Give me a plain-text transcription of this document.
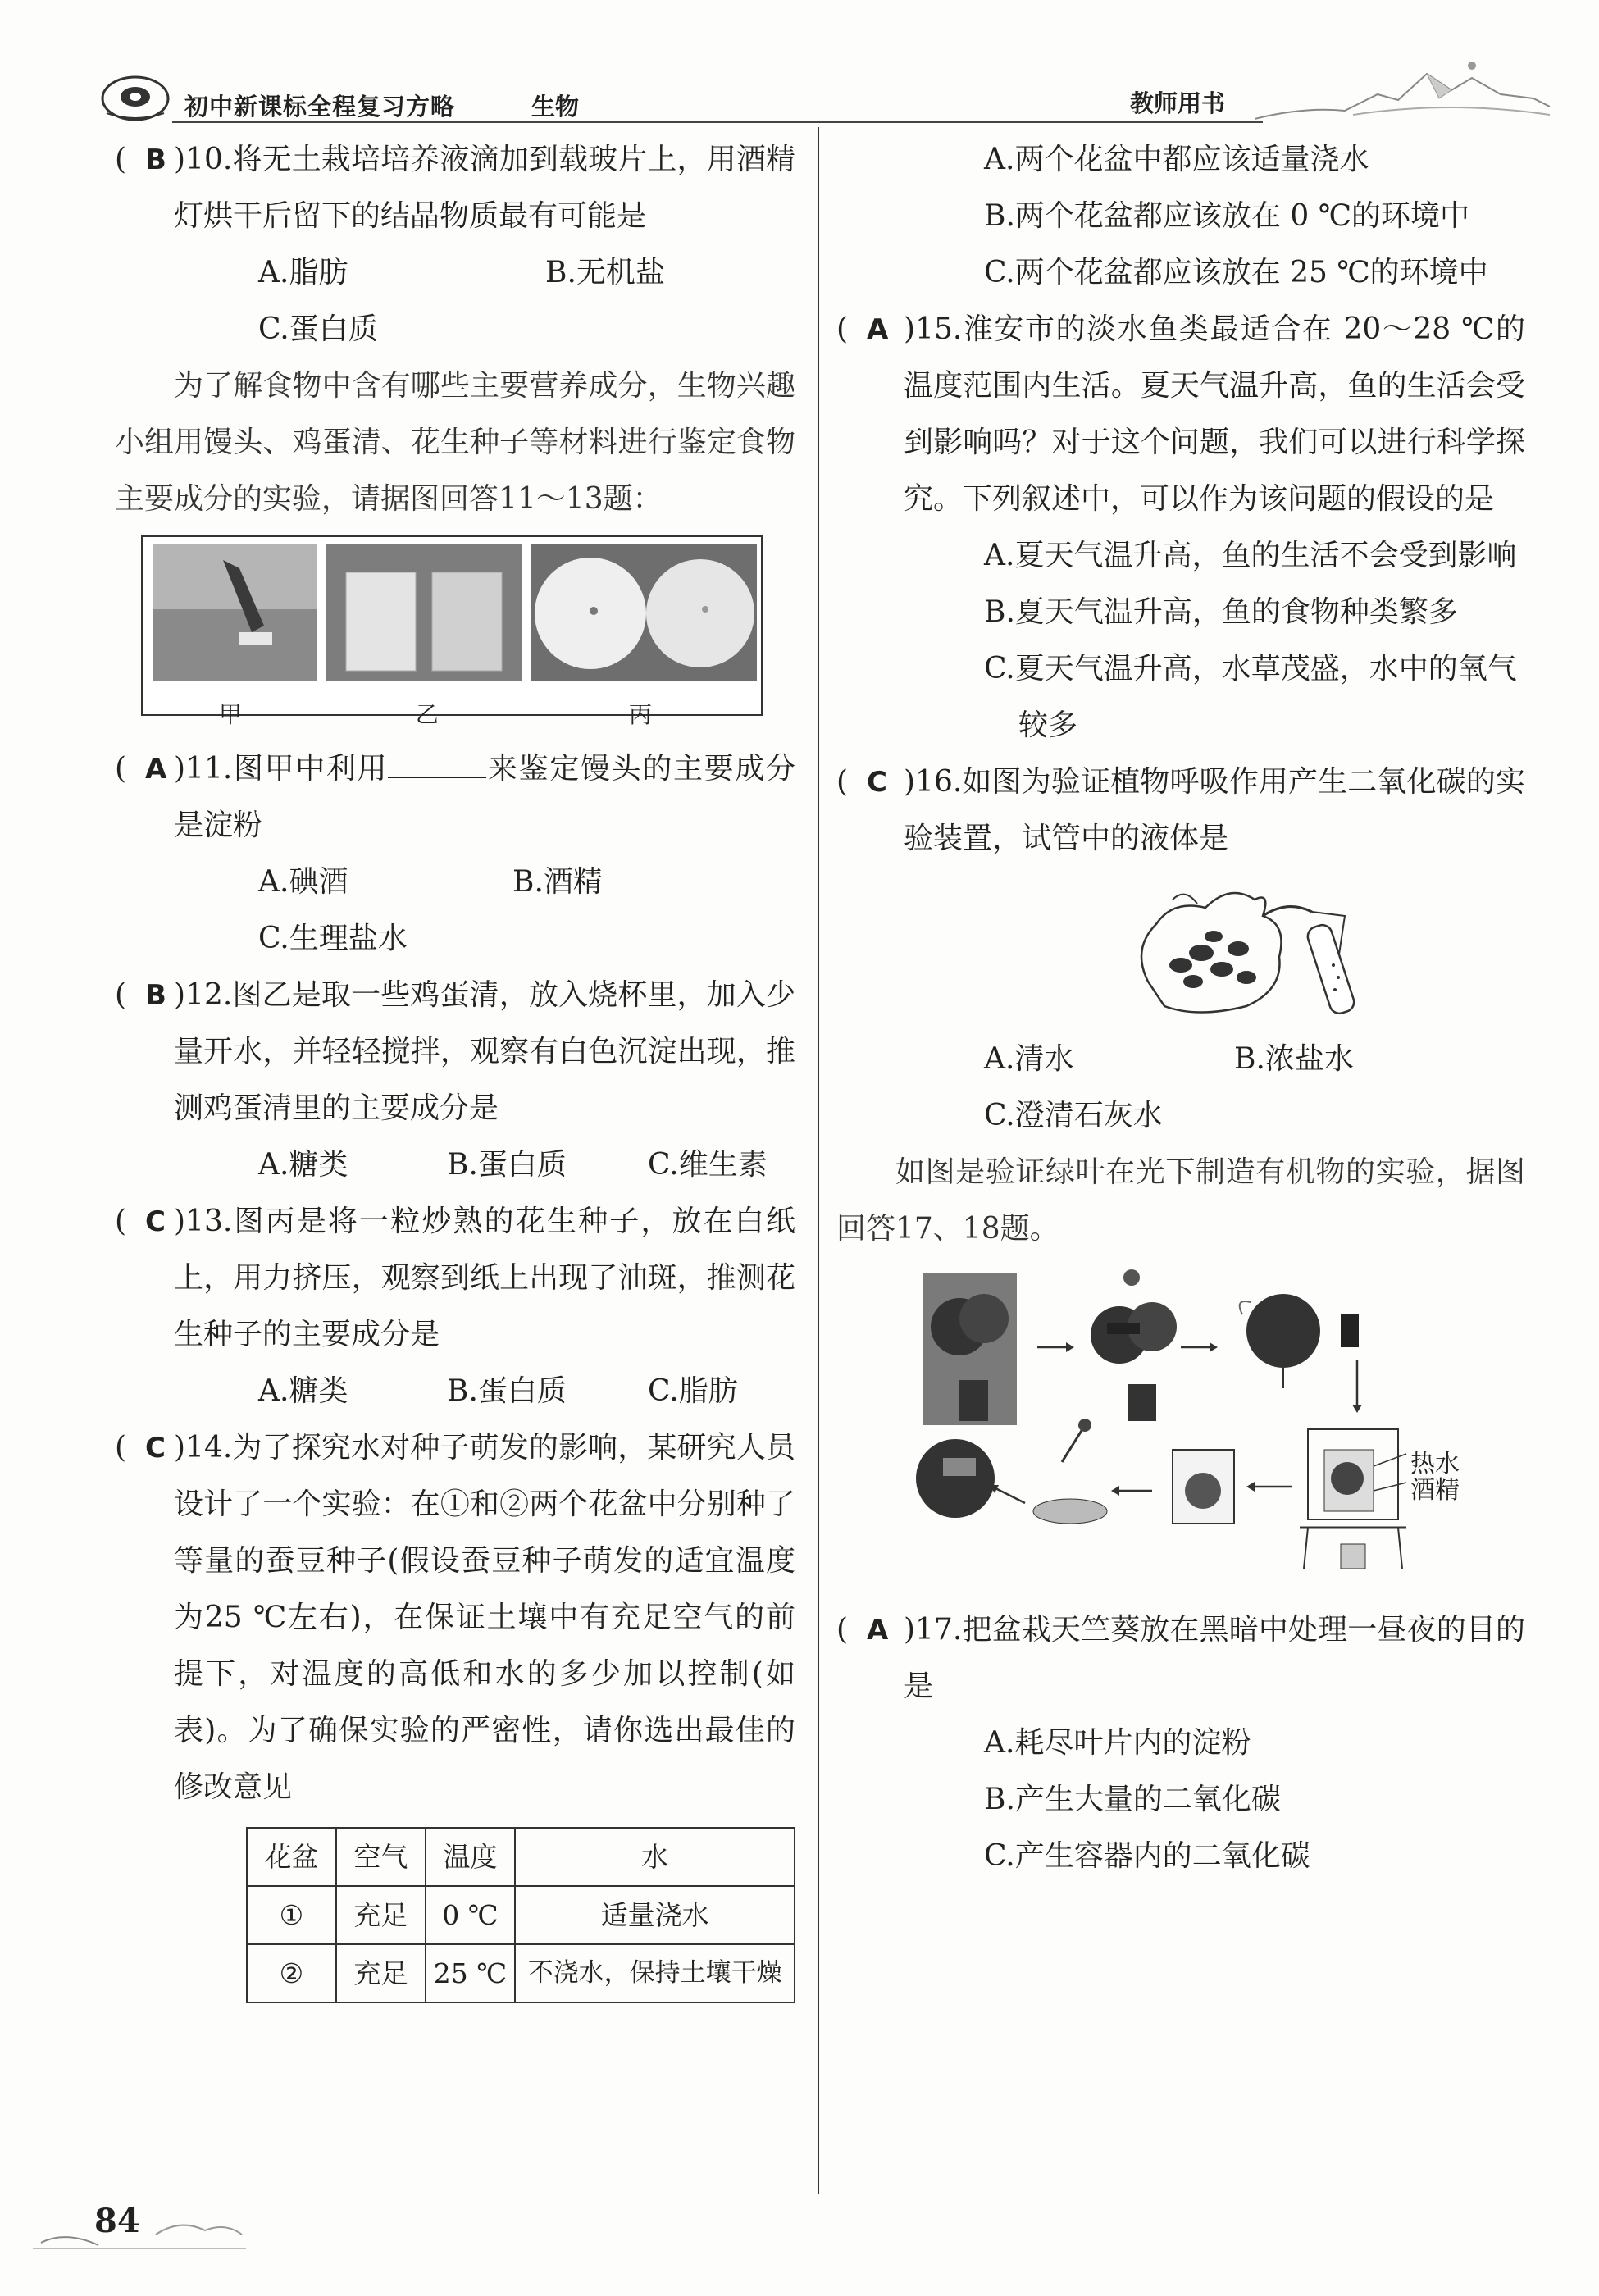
初中新课标全程复习方略	生物	教师用书
(  B )10.将无土栽培培养液滴加到载玻片上，用酒精灯烘干后留下的结晶物质最有可能是
A.脂肪	B.无机盐
C.蛋白质
为了解食物中含有哪些主要营养成分，生物兴趣小组用馒头、鸡蛋清、花生种子等材料进行鉴定食物主要成分的实验，请据图回答11～13题：
甲	乙	丙
(  A )11.图甲中利用	来鉴定馒头的主要成分是淀粉
A.碘酒	B.酒精
C.生理盐水
(  B )12.图乙是取一些鸡蛋清，放入烧杯里，加入少量开水，并轻轻搅拌，观察有白色沉淀出现，推测鸡蛋清里的主要成分是
A.糖类	B.蛋白质	C.维生素
(  C )13.图丙是将一粒炒熟的花生种子，放在白纸上，用力挤压，观察到纸上出现了油斑，推测花生种子的主要成分是
A.糖类	B.蛋白质	C.脂肪
(  C )14.为了探究水对种子萌发的影响，某研究人员设计了一个实验：在①和②两个花盆中分别种了等量的蚕豆种子(假设蚕豆种子萌发的适宜温度为25 ℃左右)，在保证土壤中有充足空气的前提下，对温度的高低和水的多少加以控制(如表)。为了确保实验的严密性，请你选出最佳的修改意见
花盆	空气	温度	水
①	充足	0 ℃	适量浇水
②	充足	25 ℃	不浇水，保持土壤干燥
A.两个花盆中都应该适量浇水
B.两个花盆都应该放在 0 ℃的环境中
C.两个花盆都应该放在 25 ℃的环境中
(  A )15.淮安市的淡水鱼类最适合在 20～28 ℃的温度范围内生活。夏天气温升高，鱼的生活会受到影响吗？对于这个问题，我们可以进行科学探究。下列叙述中，可以作为该问题的假设的是
A.夏天气温升高，鱼的生活不会受到影响
B.夏天气温升高，鱼的食物种类繁多
C.夏天气温升高，水草茂盛，水中的氧气较多
(  C )16.如图为验证植物呼吸作用产生二氧化碳的实验装置，试管中的液体是
A.清水	B.浓盐水
C.澄清石灰水
如图是验证绿叶在光下制造有机物的实验，据图回答17、18题。
热水
酒精
(  A )17.把盆栽天竺葵放在黑暗中处理一昼夜的目的是
A.耗尽叶片内的淀粉
B.产生大量的二氧化碳
C.产生容器内的二氧化碳
84
